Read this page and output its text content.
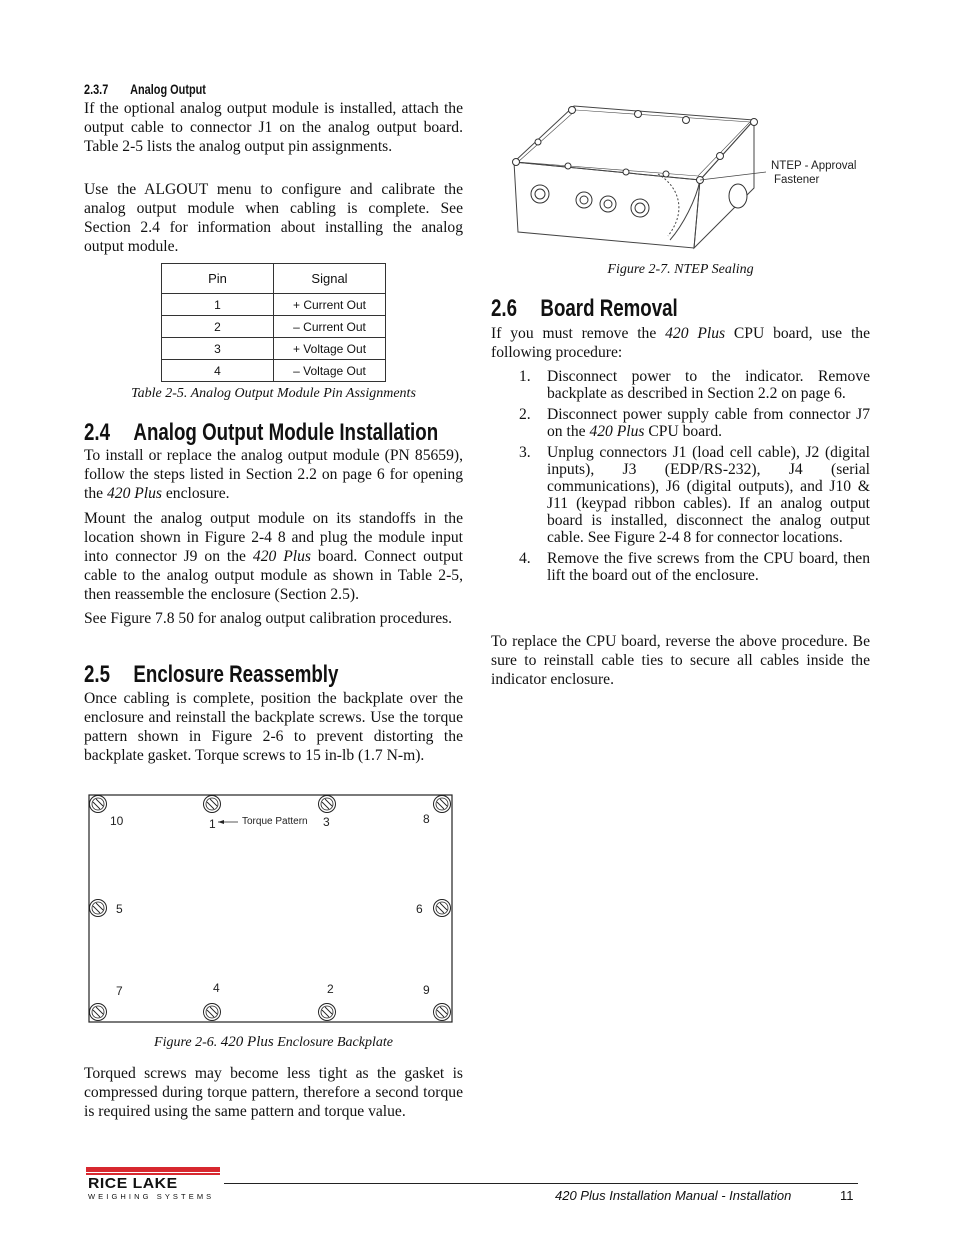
2.3.7 Analog Output
If the optional analog output module is installed, attach the output cable to connector J1 on the analog output board. Table 2-5 lists the analog output pin assignments.
Use the ALGOUT menu to configure and calibrate the analog output module when cabling is complete. See Section 2.4 for information about installing the analog output module.
Pin	Signal
1	+ Current Out
2	– Current Out
3	+ Voltage Out
4	– Voltage Out
Table 2-5. Analog Output Module Pin Assignments
2.4 Analog Output Module Installation
To install or replace the analog output module (PN 85659), follow the steps listed in Section 2.2 on page 6 for opening the 420 Plus enclosure.
Mount the analog output module on its standoffs in the location shown in Figure 2-4 8 and plug the module input into connector J9 on the 420 Plus board. Connect output cable to the analog output module as shown in Table 2-5, then reassemble the enclosure (Section 2.5).
See Figure 7.8 50 for analog output calibration procedures.
2.5 Enclosure Reassembly
Once cabling is complete, position the backplate over the enclosure and reinstall the backplate screws. Use the torque pattern shown in Figure 2-6 to prevent distorting the backplate gasket. Torque screws to 15 in-lb (1.7 N-m).
10	1	Torque Pattern 3	8
5	6
7	4	2	9
Figure 2-6. 420 Plus Enclosure Backplate
Torqued screws may become less tight as the gasket is compressed during torque pattern, therefore a second torque is required using the same pattern and torque value.
NTEP - Approval
Fastener
Figure 2-7. NTEP Sealing
2.6 Board Removal
If you must remove the 420 Plus CPU board, use the following procedure:
1. Disconnect power to the indicator. Remove backplate as described in Section 2.2 on page 6.
2. Disconnect power supply cable from connector J7 on the 420 Plus CPU board.
3. Unplug connectors J1 (load cell cable), J2 (digital inputs), J3 (EDP/RS-232), J4 (serial communications), J6 (digital outputs), and J10 & J11 (keypad ribbon cables). If an analog output board is installed, disconnect the analog output cable. See Figure 2-4 8 for connector locations.
4. Remove the five screws from the CPU board, then lift the board out of the enclosure.
To replace the CPU board, reverse the above procedure. Be sure to reinstall cable ties to secure all cables inside the indicator enclosure.
RICE LAKE
WEIGHING SYSTEMS	420 Plus Installation Manual - Installation	11
